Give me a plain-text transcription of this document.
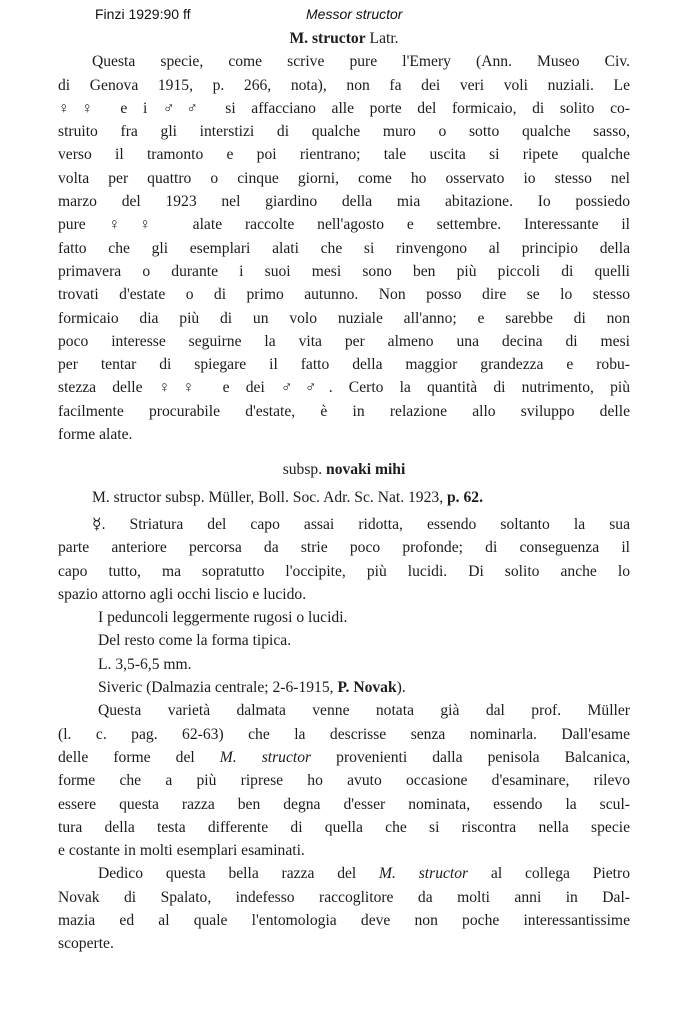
Finzi 1929:90 ff	Messor structor
M. structor Latr.
Questa specie, come scrive pure l'Emery (Ann. Museo Civ.
di Genova 1915, p. 266, nota), non fa dei veri voli nuziali. Le
♀♀ e i ♂♂ si affacciano alle porte del formicaio, di solito co-
struito fra gli interstizi di qualche muro o sotto qualche sasso,
verso il tramonto e poi rientrano; tale uscita si ripete qualche
volta per quattro o cinque giorni, come ho osservato io stesso nel
marzo del 1923 nel giardino della mia abitazione. Io possiedo
pure ♀♀ alate raccolte nell'agosto e settembre. Interessante il
fatto che gli esemplari alati che si rinvengono al principio della
primavera o durante i suoi mesi sono ben più piccoli di quelli
trovati d'estate o di primo autunno. Non posso dire se lo stesso
formicaio dia più di un volo nuziale all'anno; e sarebbe di non
poco interesse seguirne la vita per almeno una decina di mesi
per tentar di spiegare il fatto della maggior grandezza e robu-
stezza delle ♀♀ e dei ♂♂. Certo la quantità di nutrimento, più
facilmente procurabile d'estate, è in relazione allo sviluppo delle
forme alate.
subsp. novaki mihi
M. structor subsp. Müller, Boll. Soc. Adr. Sc. Nat. 1923, p. 62.
☿. Striatura del capo assai ridotta, essendo soltanto la sua
parte anteriore percorsa da strie poco profonde; di conseguenza il
capo tutto, ma sopratutto l'occipite, più lucidi. Di solito anche lo
spazio attorno agli occhi liscio e lucido.
I peduncoli leggermente rugosi o lucidi.
Del resto come la forma tipica.
L. 3,5-6,5 mm.
Siveric (Dalmazia centrale; 2-6-1915, P. Novak).
Questa varietà dalmata venne notata già dal prof. Müller
(l. c. pag. 62-63) che la descrisse senza nominarla. Dall'esame
delle forme del M. structor provenienti dalla penisola Balcanica,
forme che a più riprese ho avuto occasione d'esaminare, rilevo
essere questa razza ben degna d'esser nominata, essendo la scul-
tura della testa differente di quella che si riscontra nella specie
e costante in molti esemplari esaminati.
Dedico questa bella razza del M. structor al collega Pietro
Novak di Spalato, indefesso raccoglitore da molti anni in Dal-
mazia ed al quale l'entomologia deve non poche interessantissime
scoperte.
